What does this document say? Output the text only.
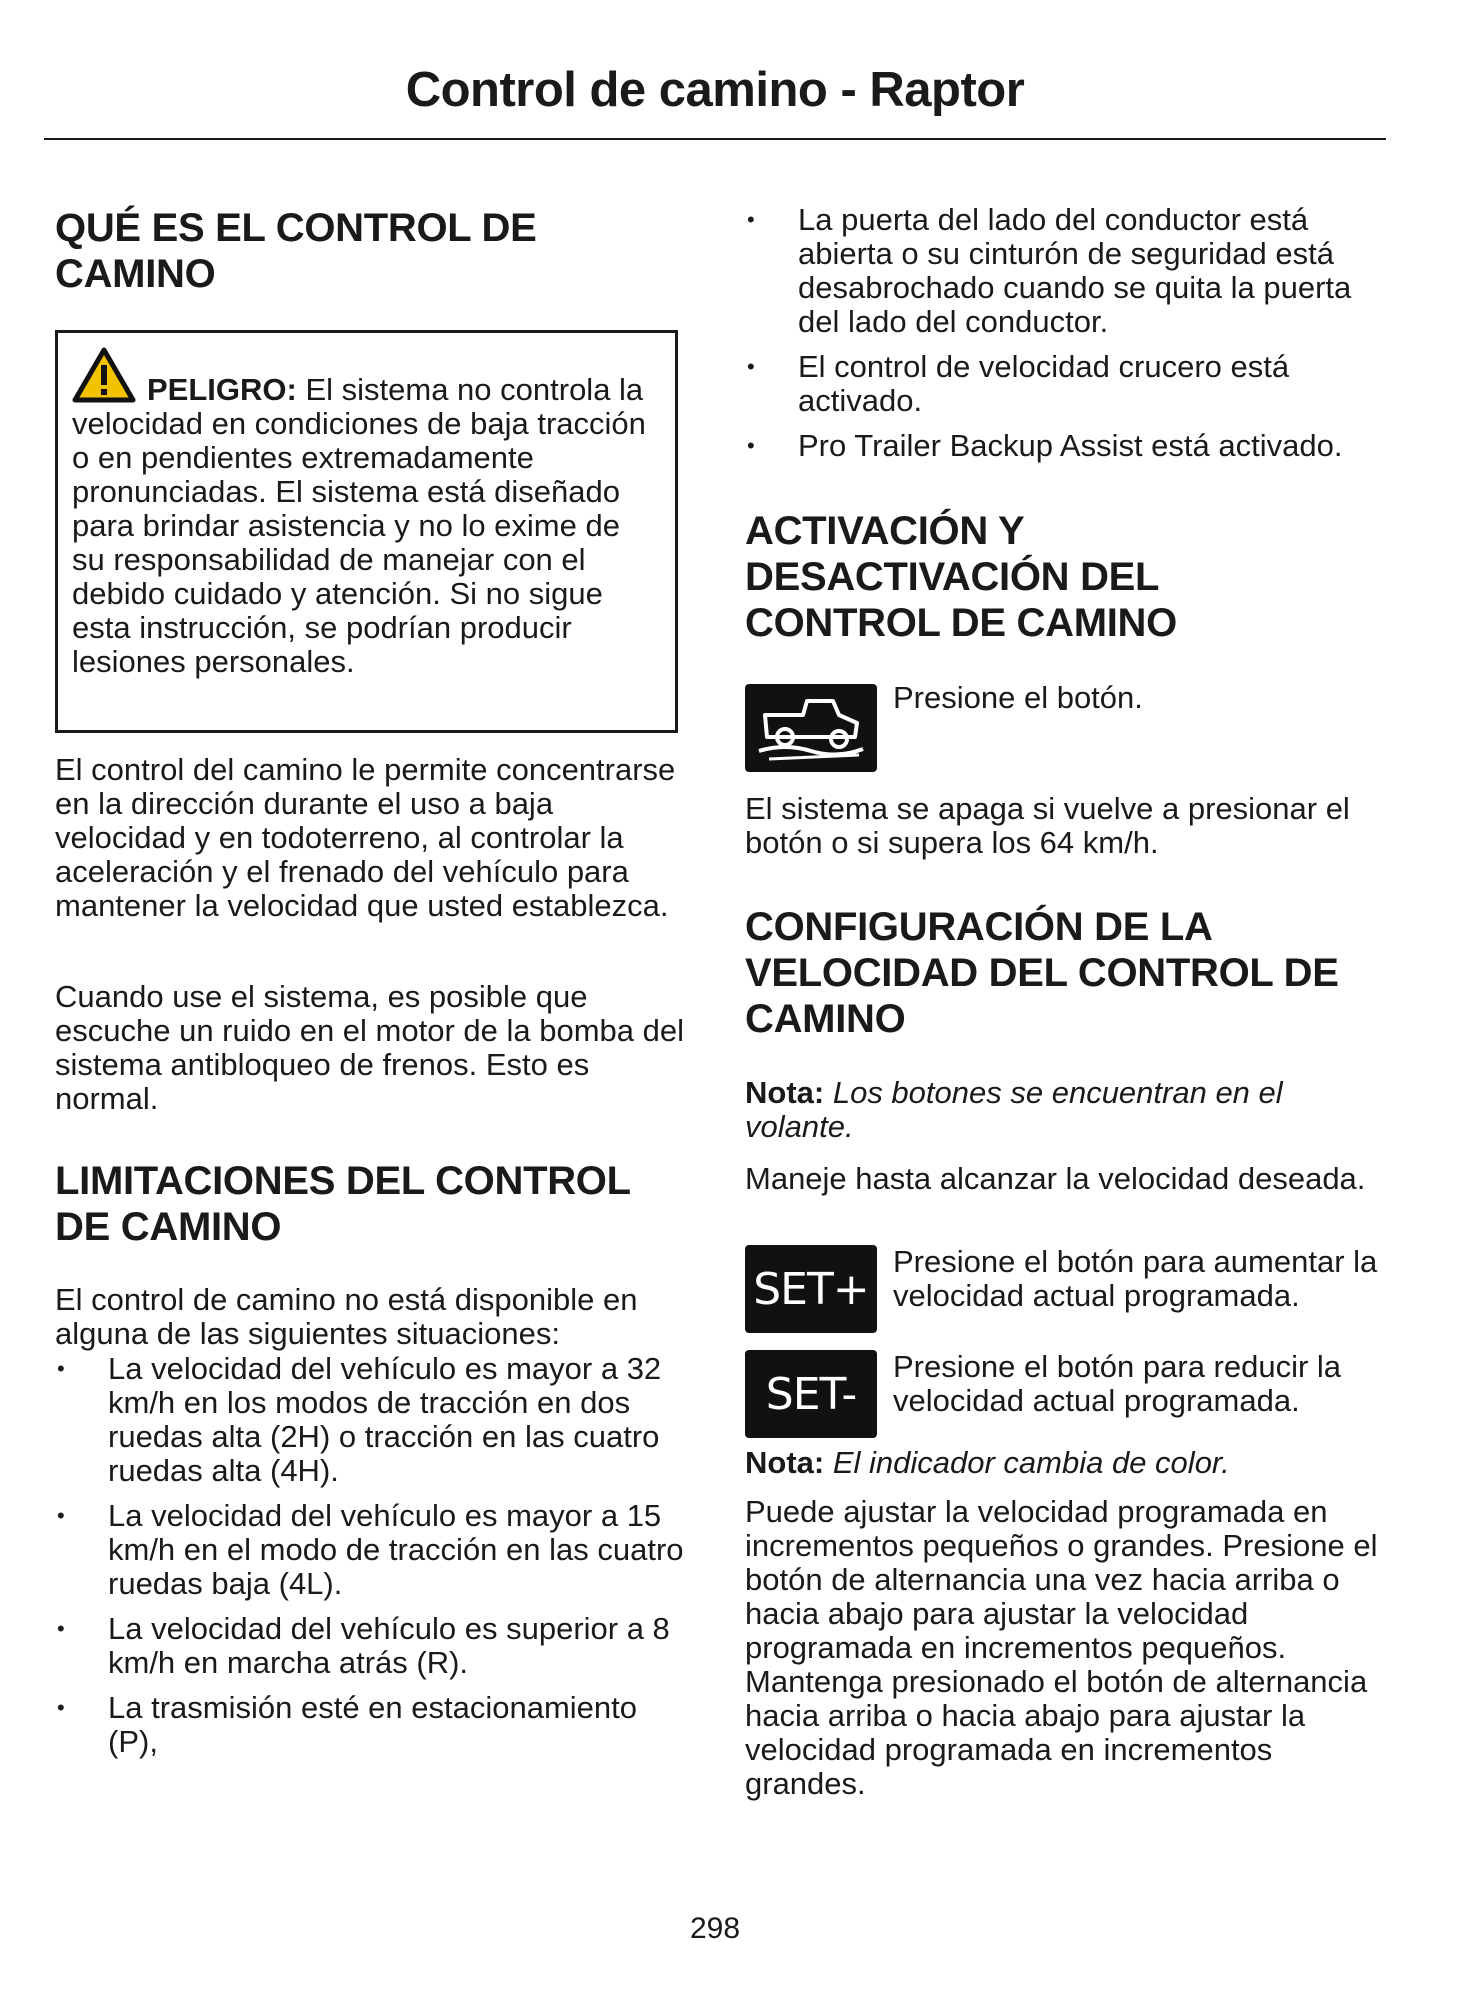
Control de camino - Raptor
QUÉ ES EL CONTROL DE CAMINO

PELIGRO: El sistema no controla la velocidad en condiciones de baja tracción o en pendientes extremadamente pronunciadas. El sistema está diseñado para brindar asistencia y no lo exime de su responsabilidad de manejar con el debido cuidado y atención. Si no sigue esta instrucción, se podrían producir lesiones personales.

El control del camino le permite concentrarse en la dirección durante el uso a baja velocidad y en todoterreno, al controlar la aceleración y el frenado del vehículo para mantener la velocidad que usted establezca.

Cuando use el sistema, es posible que escuche un ruido en el motor de la bomba del sistema antibloqueo de frenos. Esto es normal.

LIMITACIONES DEL CONTROL DE CAMINO

El control de camino no está disponible en alguna de las siguientes situaciones:

• La velocidad del vehículo es mayor a 32 km/h en los modos de tracción en dos ruedas alta (2H) o tracción en las cuatro ruedas alta (4H).
• La velocidad del vehículo es mayor a 15 km/h en el modo de tracción en las cuatro ruedas baja (4L).
• La velocidad del vehículo es superior a 8 km/h en marcha atrás (R).
• La trasmisión esté en estacionamiento (P),
• La puerta del lado del conductor está abierta o su cinturón de seguridad está desabrochado cuando se quita la puerta del lado del conductor.
• El control de velocidad crucero está activado.
• Pro Trailer Backup Assist está activado.
ACTIVACIÓN Y DESACTIVACIÓN DEL CONTROL DE CAMINO

Presione el botón.

El sistema se apaga si vuelve a presionar el botón o si supera los 64 km/h.

CONFIGURACIÓN DE LA VELOCIDAD DEL CONTROL DE CAMINO

Nota: Los botones se encuentran en el volante.

Maneje hasta alcanzar la velocidad deseada.

SET+

Presione el botón para aumentar la velocidad actual programada.

SET-

Presione el botón para reducir la velocidad actual programada.

Nota: El indicador cambia de color.

Puede ajustar la velocidad programada en incrementos pequeños o grandes. Presione el botón de alternancia una vez hacia arriba o hacia abajo para ajustar la velocidad programada en incrementos pequeños. Mantenga presionado el botón de alternancia hacia arriba o hacia abajo para ajustar la velocidad programada en incrementos grandes.

298
